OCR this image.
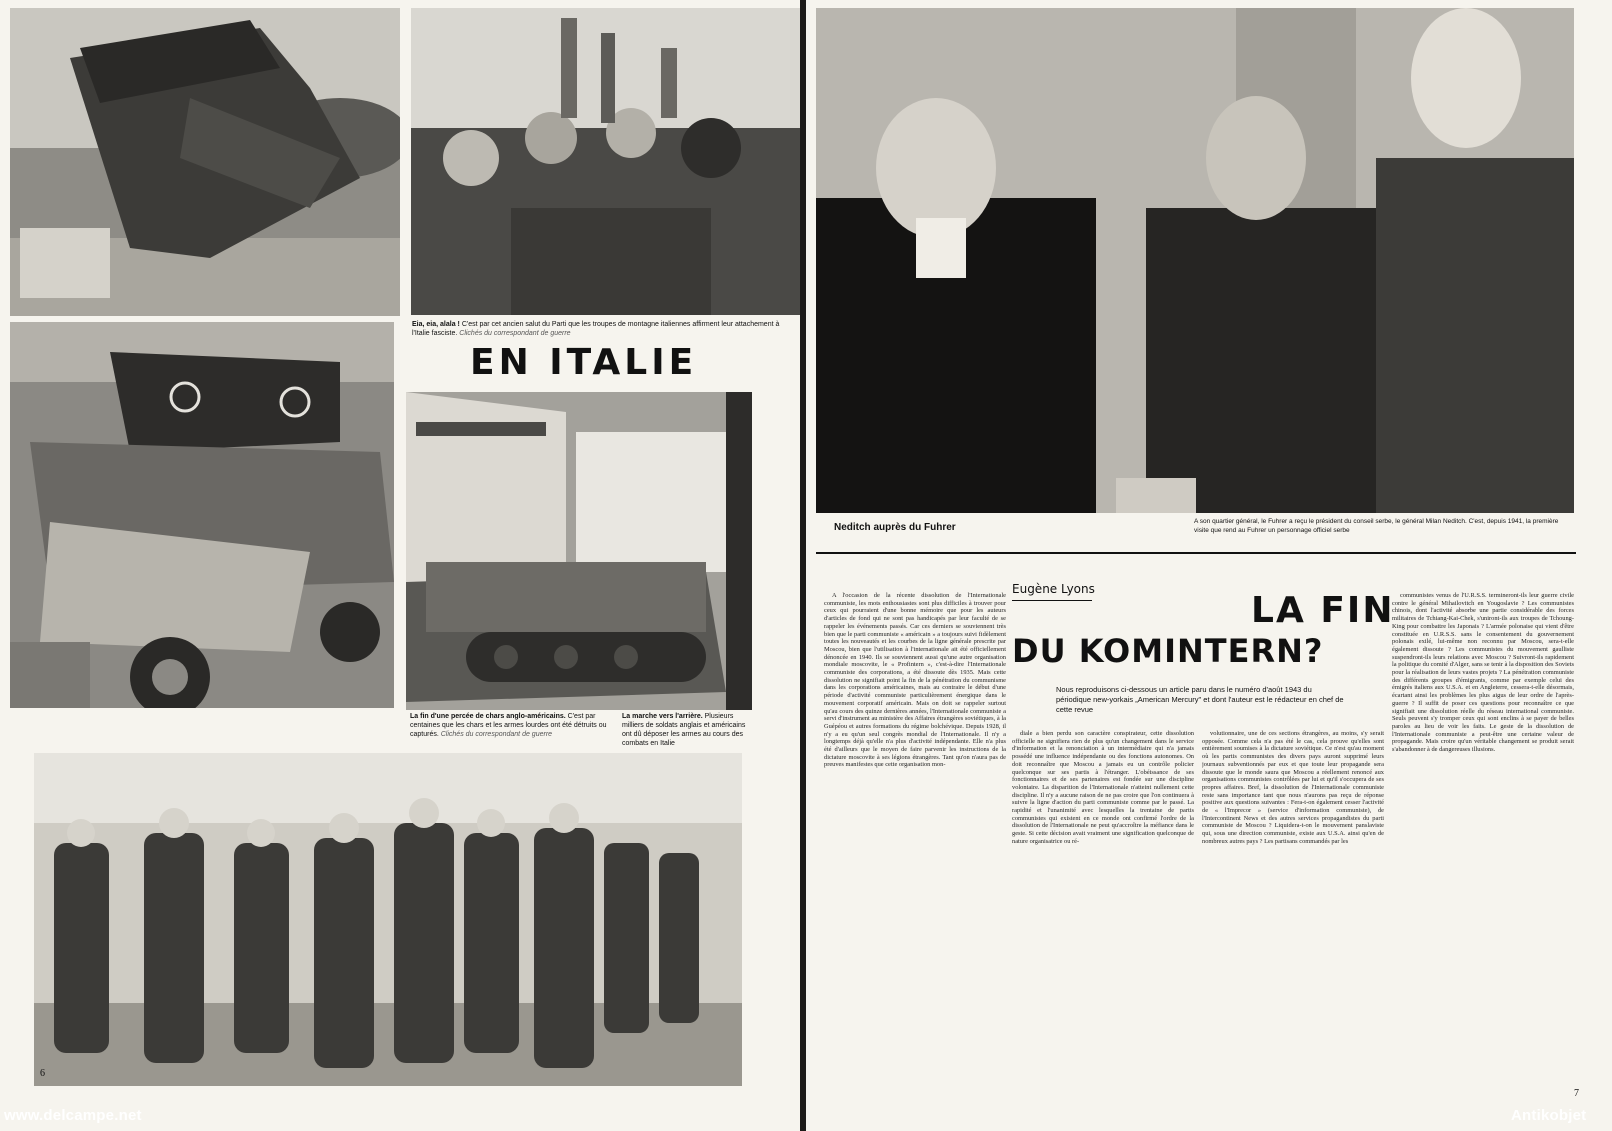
Eia, eia, alala ! C'est par cet ancien salut du Parti que les troupes de montagne italiennes affirment leur attachement à l'Italie fasciste. Clichés du correspondant de guerre
EN ITALIE
La fin d'une percée de chars anglo-américains. C'est par centaines que les chars et les armes lourdes ont été détruits ou capturés. Clichés du correspondant de guerre
La marche vers l'arrière. Plusieurs milliers de soldats anglais et américains ont dû déposer les armes au cours des combats en Italie
6
www.delcampe.net
Neditch auprès du Fuhrer
A son quartier général, le Fuhrer a reçu le président du conseil serbe, le général Milan Neditch. C'est, depuis 1941, la première visite que rend au Fuhrer un personnage officiel serbe
Eugène Lyons
LA FIN
DU KOMINTERN?
Nous reproduisons ci-dessous un article paru dans le numéro d'août 1943 du périodique new-yorkais „American Mercury" et dont l'auteur est le rédacteur en chef de cette revue

A l'occasion de la récente dissolution de l'Internationale communiste, les mots enthousiastes sont plus difficiles à trouver pour ceux qui pourraient d'une bonne mémoire que pour les auteurs d'articles de fond qui ne sont pas handicapés par leur faculté de se rappeler les événements passés. Car ces derniers se souviennent très bien que le parti communiste « américain » a toujours suivi fidèlement toutes les nouveautés et les courbes de la ligne générale prescrite par Moscou, bien que l'utilisation à l'internationale ait été officiellement dénoncée en 1940. Ils se souviennent aussi qu'une autre organisation mondiale moscovite, le « Profintern », c'est-à-dire l'Internationale communiste des corporations, a été dissoute dès 1935. Mais cette dissolution ne signifiait point la fin de la pénétration du communisme dans les corporations américaines, mais au contraire le début d'une période d'activité communiste particulièrement énergique dans le mouvement corporatif américain. Mais on doit se rappeler surtout qu'au cours des quinze dernières années, l'Internationale communiste a servi d'instrument au ministère des Affaires étrangères soviétiques, à la Guépéou et autres formations du régime bolchévique. Depuis 1928, il n'y a eu qu'un seul congrès mondial de l'Internationale. Il n'y a longtemps déjà qu'elle n'a plus d'activité indépendante. Elle n'a plus été d'ailleurs que le moyen de faire parvenir les instructions de la dictature moscovite à ses légions étrangères. Tant qu'on n'aura pas de preuves manifestes que cette organisation mon-

diale a bien perdu son caractère conspirateur, cette dissolution officielle ne signifiera rien de plus qu'un changement dans le service d'information et la renonciation à un intermédiaire qui n'a jamais possédé une influence indépendante ou des fonctions autonomes. On doit reconnaître que Moscou a jamais eu un contrôle policier quelconque sur ses partis à l'étranger. L'obéissance de ses fonctionnaires et de ses partenaires est fondée sur une discipline volontaire. La disparition de l'Internationale n'atteint nullement cette discipline. Il n'y a aucune raison de ne pas croire que l'on continuera à suivre la ligne d'action du parti communiste comme par le passé. La rapidité et l'unanimité avec lesquelles la trentaine de partis communistes qui existent en ce monde ont confirmé l'ordre de la dissolution de l'Internationale ne peut qu'accroître la méfiance dans le geste. Si cette décision avait vraiment une signification quelconque de nature organisatrice ou ré-

volutionnaire, une de ces sections étrangères, au moins, s'y serait opposée. Comme cela n'a pas été le cas, cela prouve qu'elles sont entièrement soumises à la dictature soviétique. Ce n'est qu'au moment où les partis communistes des divers pays auront supprimé leurs journaux subventionnés par eux et que toute leur propagande sera dissoute que le monde saura que Moscou a réellement renoncé aux organisations communistes contrôlées par lui et qu'il s'occupera de ses propres affaires. Bref, la dissolution de l'Internationale communiste reste sans importance tant que nous n'aurons pas reçu de réponse positive aux questions suivantes : Fera-t-on également cesser l'activité de « l'Imprecor » (service d'information communiste), de l'Intercontinent News et des autres services propagandistes du parti communiste de Moscou ? Liquidera-t-on le mouvement panslaviste qui, sous une direction communiste, existe aux U.S.A. ainsi qu'en de nombreux autres pays ? Les partisans commandés par les

communistes venus de l'U.R.S.S. termineront-ils leur guerre civile contre le général Mihailovitch en Yougoslavie ? Les communistes chinois, dont l'activité absorbe une partie considérable des forces militaires de Tchiang-Kai-Chek, s'uniront-ils aux troupes de Tchoung-King pour combattre les Japonais ? L'armée polonaise qui vient d'être constituée en U.R.S.S. sans le consentement du gouvernement polonais exilé, lui-même non reconnu par Moscou, sera-t-elle également dissoute ? Les communistes du mouvement gaulliste suspendront-ils leurs relations avec Moscou ? Suivront-ils rapidement la politique du comité d'Alger, sans se tenir à la disposition des Soviets pour la réalisation de leurs vastes projets ? La pénétration communiste des différents groupes d'émigrants, comme par exemple celui des émigrés italiens aux U.S.A. et en Angleterre, cessera-t-elle désormais, écartant ainsi les problèmes les plus aigus de leur ordre de l'après-guerre ? Il suffit de poser ces questions pour reconnaître ce que signifiait une dissolution réelle du réseau international communiste. Seuls peuvent s'y tromper ceux qui sont enclins à se payer de belles paroles au lieu de voir les faits. Le geste de la dissolution de l'Internationale communiste a peut-être une certaine valeur de propagande. Mais croire qu'un véritable changement se produit serait s'abandonner à de dangereuses illusions.

7
Antikobjet
